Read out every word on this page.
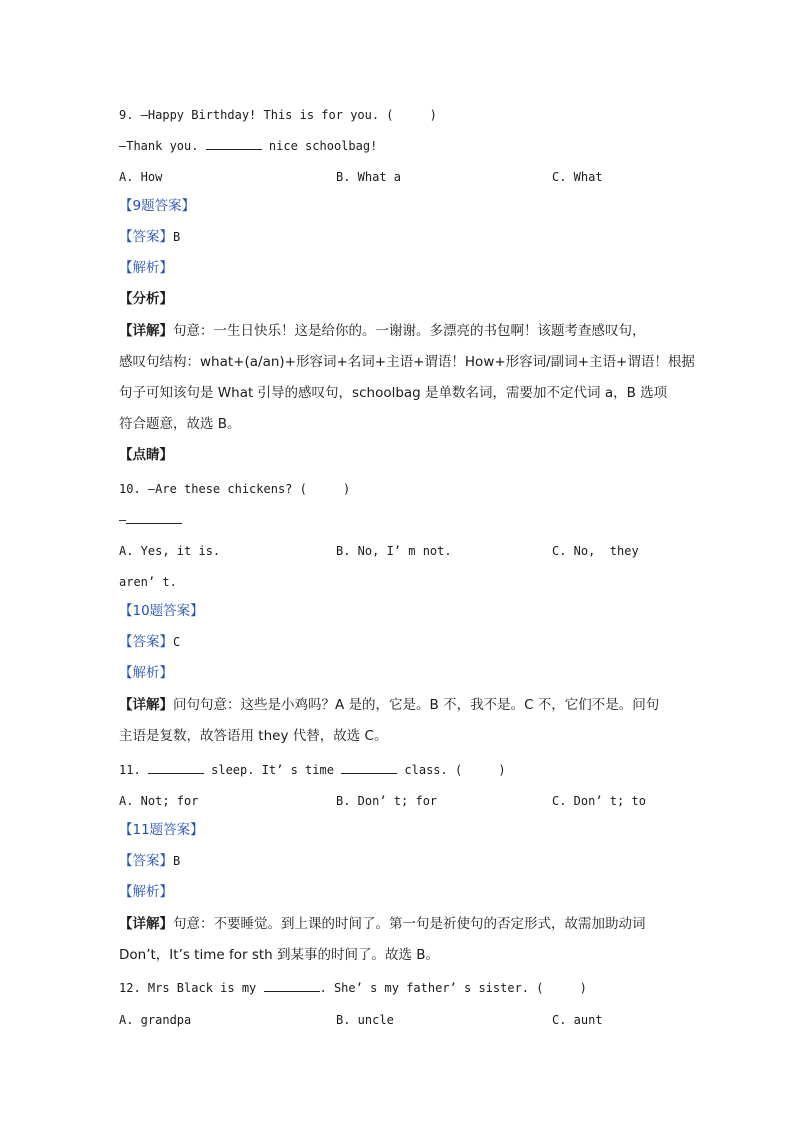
9. —Happy Birthday! This is for you. (     )
—Thank you.	nice schoolbag!
A. How	B. What a	C. What
【9题答案】
【答案】B
【解析】
【分析】
【详解】句意：一生日快乐！这是给你的。一谢谢。多漂亮的书包啊！该题考查感叹句，
感叹句结构：what+(a/an)+形容词+名词+主语+谓语！How+形容词/副词+主语+谓语！根据
句子可知该句是 What 引导的感叹句，schoolbag 是单数名词，需要加不定代词 a，B 选项
符合题意，故选 B。
【点睛】
10. —Are these chickens? (     )
—
A. Yes, it is.	B. No, I’ m not.	C. No,  they
aren’ t.
【10题答案】
【答案】C
【解析】
【详解】问句句意：这些是小鸡吗？A 是的，它是。B 不，我不是。C 不，它们不是。问句
主语是复数，故答语用 they 代替，故选 C。
11.	sleep. It’ s time	class. (     )
A. Not; for	B. Don’ t; for	C. Don’ t; to
【11题答案】
【答案】B
【解析】
【详解】句意：不要睡觉。到上课的时间了。第一句是祈使句的否定形式，故需加助动词
Don’t，It’s time for sth 到某事的时间了。故选 B。
12. Mrs Black is my	. She’ s my father’ s sister. (     )
A. grandpa	B. uncle	C. aunt
